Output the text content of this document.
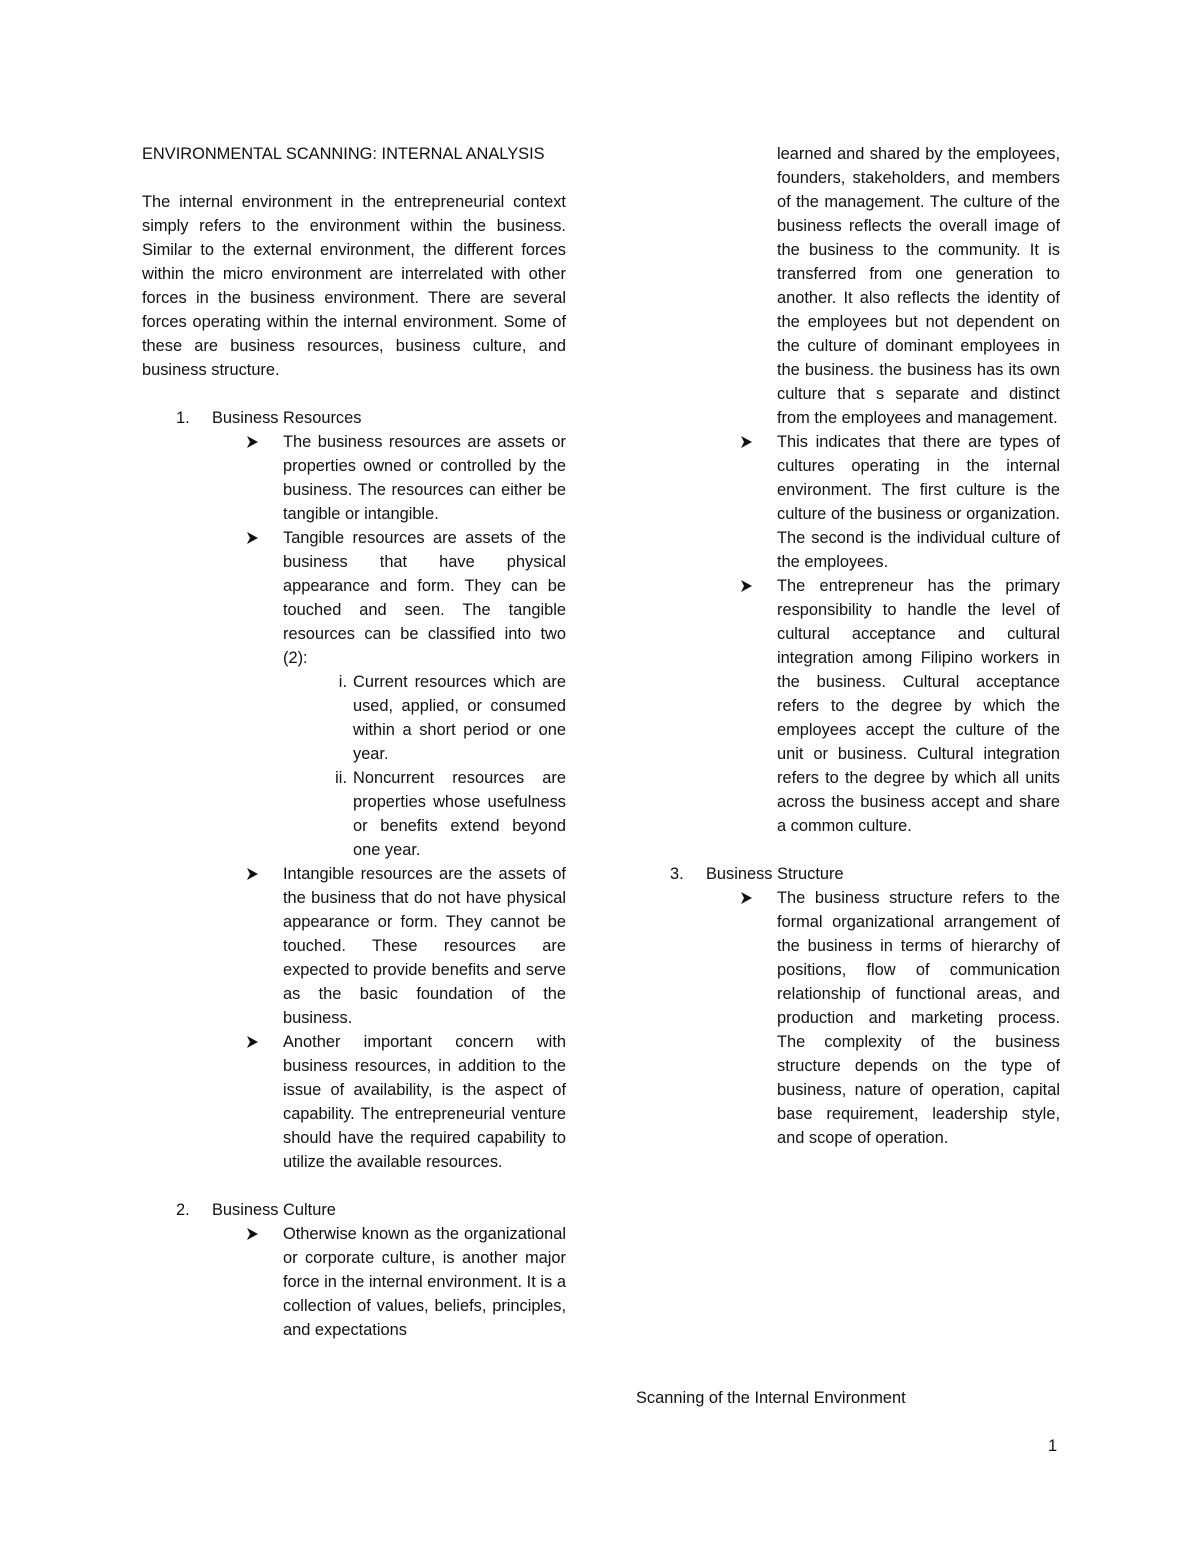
ENVIRONMENTAL SCANNING: INTERNAL ANALYSIS

The internal environment in the entrepreneurial context simply refers to the environment within the business. Similar to the external environment, the different forces within the micro environment are interrelated with other forces in the business environment. There are several forces operating within the internal environment. Some of these are business resources, business culture, and business structure.

1. Business Resources
The business resources are assets or properties owned or controlled by the business. The resources can either be tangible or intangible.
Tangible resources are assets of the business that have physical appearance and form. They can be touched and seen. The tangible resources can be classified into two (2):
i. Current resources which are used, applied, or consumed within a short period or one year.
ii. Noncurrent resources are properties whose usefulness or benefits extend beyond one year.
Intangible resources are the assets of the business that do not have physical appearance or form. They cannot be touched. These resources are expected to provide benefits and serve as the basic foundation of the business.
Another important concern with business resources, in addition to the issue of availability, is the aspect of capability. The entrepreneurial venture should have the required capability to utilize the available resources.
2. Business Culture
Otherwise known as the organizational or corporate culture, is another major force in the internal environment. It is a collection of values, beliefs, principles, and expectations
learned and shared by the employees, founders, stakeholders, and members of the management. The culture of the business reflects the overall image of the business to the community. It is transferred from one generation to another. It also reflects the identity of the employees but not dependent on the culture of dominant employees in the business. the business has its own culture that s separate and distinct from the employees and management.
This indicates that there are types of cultures operating in the internal environment. The first culture is the culture of the business or organization. The second is the individual culture of the employees.
The entrepreneur has the primary responsibility to handle the level of cultural acceptance and cultural integration among Filipino workers in the business. Cultural acceptance refers to the degree by which the employees accept the culture of the unit or business. Cultural integration refers to the degree by which all units across the business accept and share a common culture.
3. Business Structure
The business structure refers to the formal organizational arrangement of the business in terms of hierarchy of positions, flow of communication relationship of functional areas, and production and marketing process. The complexity of the business structure depends on the type of business, nature of operation, capital base requirement, leadership style, and scope of operation.
Scanning of the Internal Environment
1
